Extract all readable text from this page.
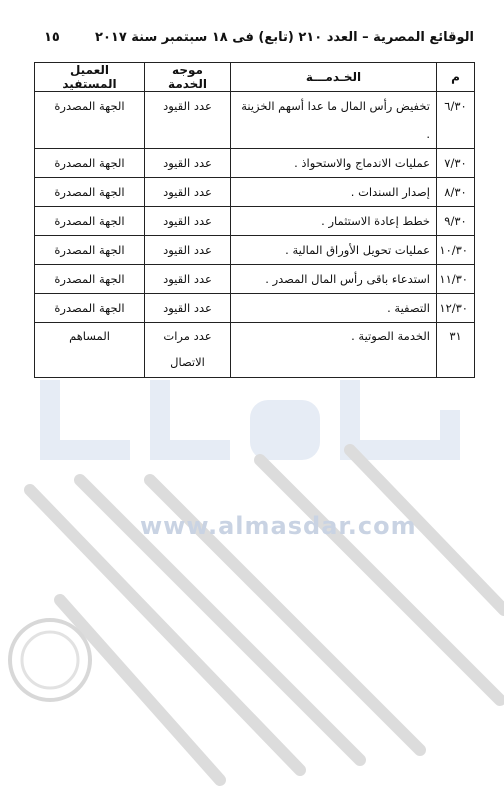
الوقائع المصرية – العدد ٢١٠ (تابع) فى ١٨ سبتمبر سنة ٢٠١٧
١٥
م	الخـدمـــة	موجه الخدمة	العميل المستفيد
٦/٣٠	تخفيض رأس المال ما عدا أسهم الخزينة .	عدد القيود	الجهة المصدرة
٧/٣٠	عمليات الاندماج والاستحواذ .	عدد القيود	الجهة المصدرة
٨/٣٠	إصدار السندات .	عدد القيود	الجهة المصدرة
٩/٣٠	خطط إعادة الاستثمار .	عدد القيود	الجهة المصدرة
١٠/٣٠	عمليات تحويل الأوراق المالية .	عدد القيود	الجهة المصدرة
١١/٣٠	استدعاء باقى رأس المال المصدر .	عدد القيود	الجهة المصدرة
١٢/٣٠	التصفية .	عدد القيود	الجهة المصدرة
٣١	الخدمة الصوتية .	عدد مرات الاتصال	المساهم
www.almasdar.com
